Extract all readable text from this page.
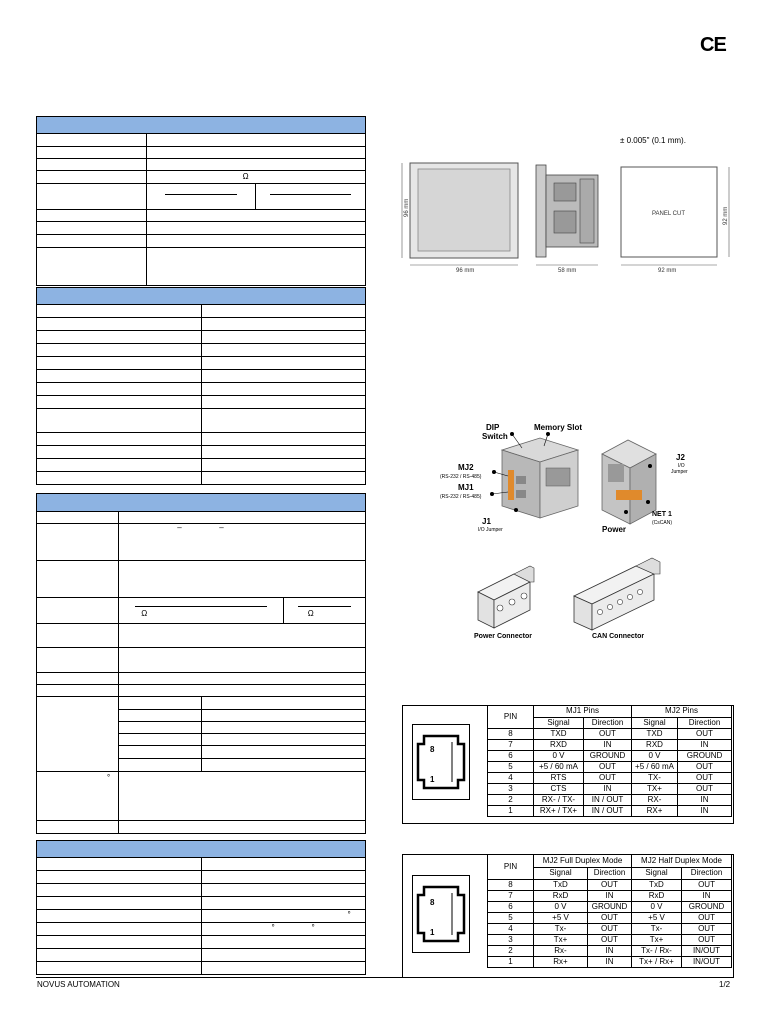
CE

	Ω	

	– –		

	Ω		Ω

°			

	°

	° °

± 0.005" (0.1 mm).
96 mm
96 mm	58 mm
PANEL CUT	92 mm
92 mm
DIP
Switch
Memory Slot
MJ2
(RS-232 / RS-485)
MJ1
(RS-232 / RS-485)
J1
I/O Jumper
J2
I/O
Jumper
NET 1
(CsCAN)
Power
Power Connector	CAN Connector
8
1
PIN	MJ1 Pins		MJ2 Pins	
	Signal	Direction	Signal	Direction
8	TXD	OUT	TXD	OUT
7	RXD	IN	RXD	IN
6	0 V	GROUND	0 V	GROUND
5	+5 / 60 mA	OUT	+5 / 60 mA	OUT
4	RTS	OUT	TX-	OUT
3	CTS	IN	TX+	OUT
2	RX- / TX-	IN / OUT	RX-	IN
1	RX+ / TX+	IN / OUT	RX+	IN
8
1
PIN	MJ2 Full Duplex Mode		MJ2 Half Duplex Mode	
	Signal	Direction	Signal	Direction
8	TxD	OUT	TxD	OUT
7	RxD	IN	RxD	IN
6	0 V	GROUND	0 V	GROUND
5	+5 V	OUT	+5 V	OUT
4	Tx-	OUT	Tx-	OUT
3	Tx+	OUT	Tx+	OUT
2	Rx-	IN	Tx- / Rx-	IN/OUT
1	Rx+	IN	Tx+ / Rx+	IN/OUT
NOVUS AUTOMATION	1/2
